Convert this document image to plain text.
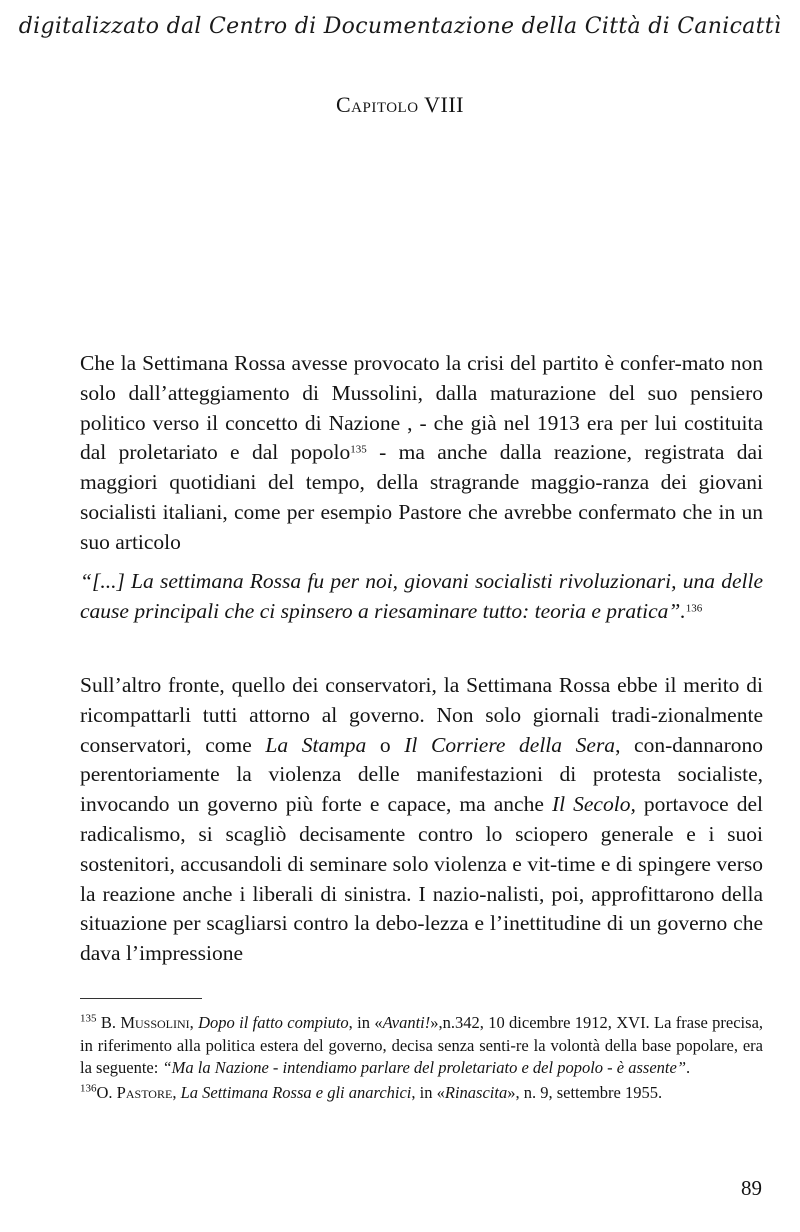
digitalizzato dal Centro di Documentazione della Città di Canicattì
Capitolo VIII

Che la Settimana Rossa avesse provocato la crisi del partito è confer-mato non solo dall’atteggiamento di Mussolini, dalla maturazione del suo pensiero politico verso il concetto di Nazione , - che già nel 1913 era per lui costituita dal proletariato e dal popolo$^{135}$ - ma anche dalla reazione, registrata dai maggiori quotidiani del tempo, della stragrande maggio-ranza dei giovani socialisti italiani, come per esempio Pastore che avrebbe confermato che in un suo articolo

“[...] La settimana Rossa fu per noi, giovani socialisti rivoluzionari, una delle cause principali che ci spinsero a riesaminare tutto: teoria e pratica”.$^{136}$

Sull’altro fronte, quello dei conservatori, la Settimana Rossa ebbe il merito di ricompattarli tutti attorno al governo. Non solo giornali tradi-zionalmente conservatori, come La Stampa o Il Corriere della Sera, con-dannarono perentoriamente la violenza delle manifestazioni di protesta socialiste, invocando un governo più forte e capace, ma anche Il Secolo, portavoce del radicalismo, si scagliò decisamente contro lo sciopero generale e i suoi sostenitori, accusandoli di seminare solo violenza e vit-time e di spingere verso la reazione anche i liberali di sinistra. I nazio-nalisti, poi, approfittarono della situazione per scagliarsi contro la debo-lezza e l’inettitudine di un governo che dava l’impressione

$^{135}$ B. Mussolini, Dopo il fatto compiuto, in «Avanti!»,n.342, 10 dicembre 1912, XVI. La frase precisa, in riferimento alla politica estera del governo, decisa senza senti-re la volontà della base popolare, era la seguente: “Ma la Nazione - intendiamo parlare del proletariato e del popolo - è assente”.

$^{136}$O. Pastore, La Settimana Rossa e gli anarchici, in «Rinascita», n. 9, settembre 1955.

89
